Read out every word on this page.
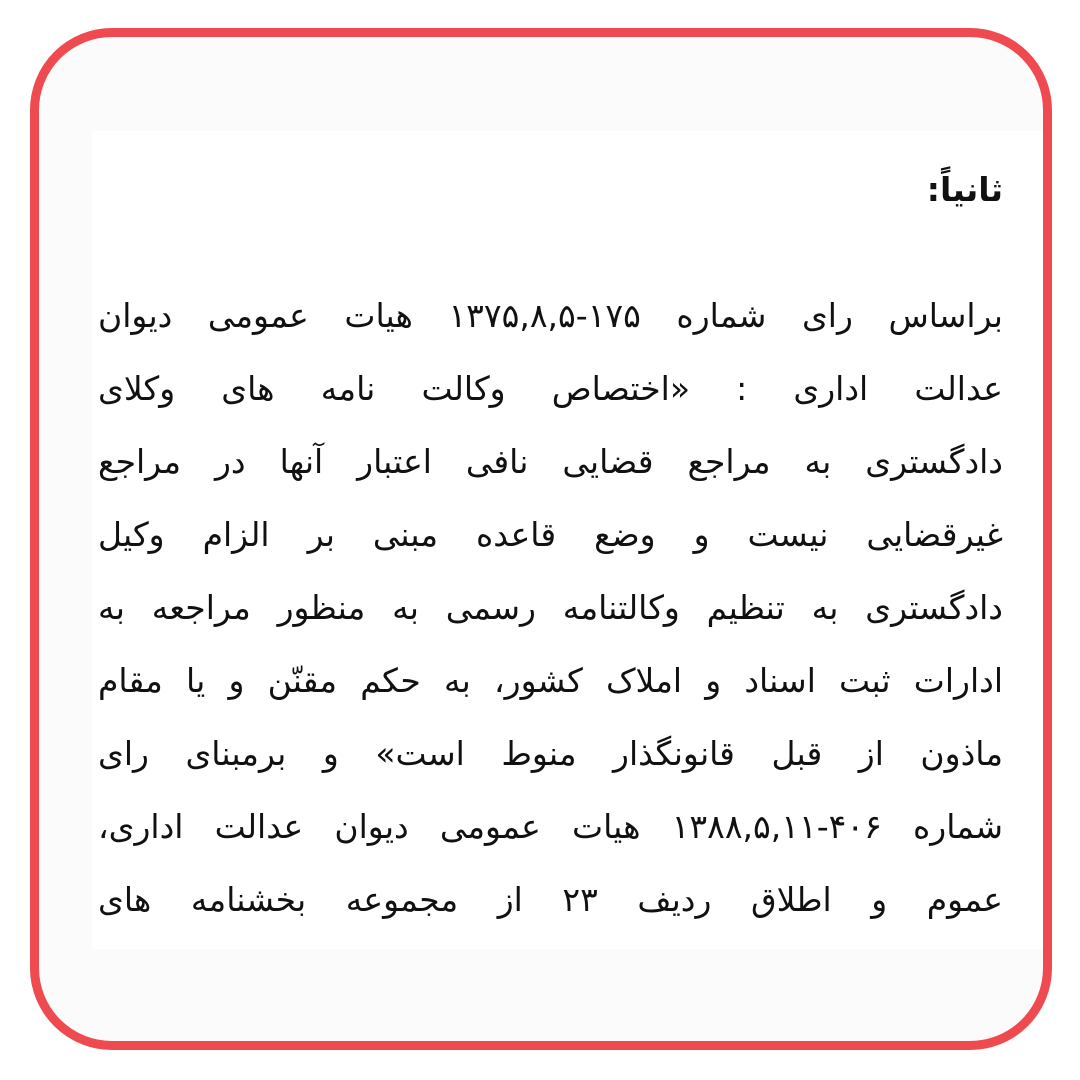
ثانیاً:
براساس رای شماره ۱۷۵-۱۳۷۵,۸,۵ هیات عمومی دیوان
عدالت اداری : «اختصاص وکالت نامه های وکلای
دادگستری به مراجع قضایی نافی اعتبار آنها در مراجع
غیرقضایی نیست و وضع قاعده مبنی بر الزام وکیل
دادگستری به تنظیم وکالتنامه رسمی به منظور مراجعه به
ادارات ثبت اسناد و املاک کشور، به حکم مقنّن و یا مقام
ماذون از قبل قانونگذار منوط است» و برمبنای رای
شماره ۴۰۶-۱۳۸۸,۵,۱۱ هیات عمومی دیوان عدالت اداری،
عموم و اطلاق ردیف ۲۳ از مجموعه بخشنامه های
